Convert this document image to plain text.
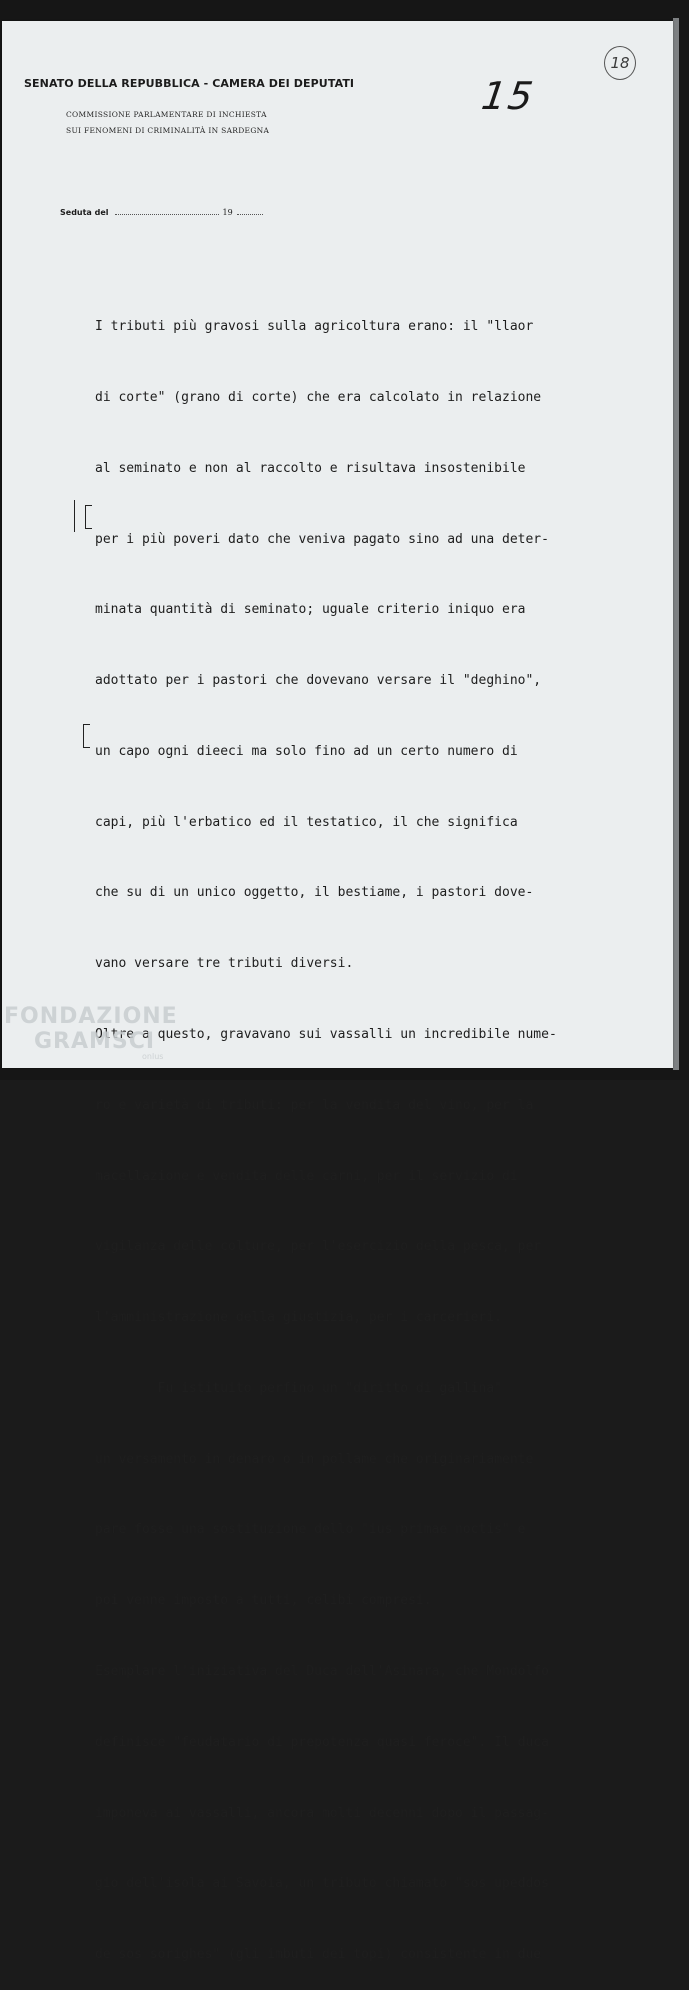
SENATO DELLA REPUBBLICA - CAMERA DEI DEPUTATI
COMMISSIONE PARLAMENTARE DI INCHIESTA
SUI FENOMENI DI CRIMINALITÀ IN SARDEGNA
15
18
Seduta del	19

I tributi più gravosi sulla agricoltura erano: il "llaor

di corte" (grano di corte) che era calcolato in relazione

al seminato e non al raccolto e risultava insostenibile

per i più poveri dato che veniva pagato sino ad una deter-

minata quantità di seminato; uguale criterio iniquo era

adottato per i pastori che dovevano versare il "deghino",

un capo ogni dieeci ma solo fino ad un certo numero di

capi, più l'erbatico ed il testatico, il che significa

che su di un unico oggetto, il bestiame, i pastori dove-

vano versare tre tributi diversi.

Oltre a questo, gravavano sui vassalli un incredibile nume-

ro e varietà di tributi: per la vendita del vino, per la

macellazione e vendita delle carni, per il servizio di

vigilanza delle colture, per l'esercizio della pesca, per

l'amministrazione della giustizia, per i carcerieri.

Fu istituito perfino un "diritto di gallina"

un versamento in denaro o in pollame che originariamente

pare fosse una sostituzione dello "ius primae noctis" e

poi venne imposto a tutti, celibi compresi.

Esemplare l'iniziativa del Duca dell'Asinara, che Mondolfo

definisce "feudatario di prepotenza quasi feroce". Il duca

imponeva ai vassalli, ancora molti decenni dopo il passag-

gio dell'isola ai Savoia, un tributo chiamato "sos upeddos

de sos sorighes" (gli imbuti dei topi) consistente in due

FONDAZIONE
GRAMSCI
onlus
